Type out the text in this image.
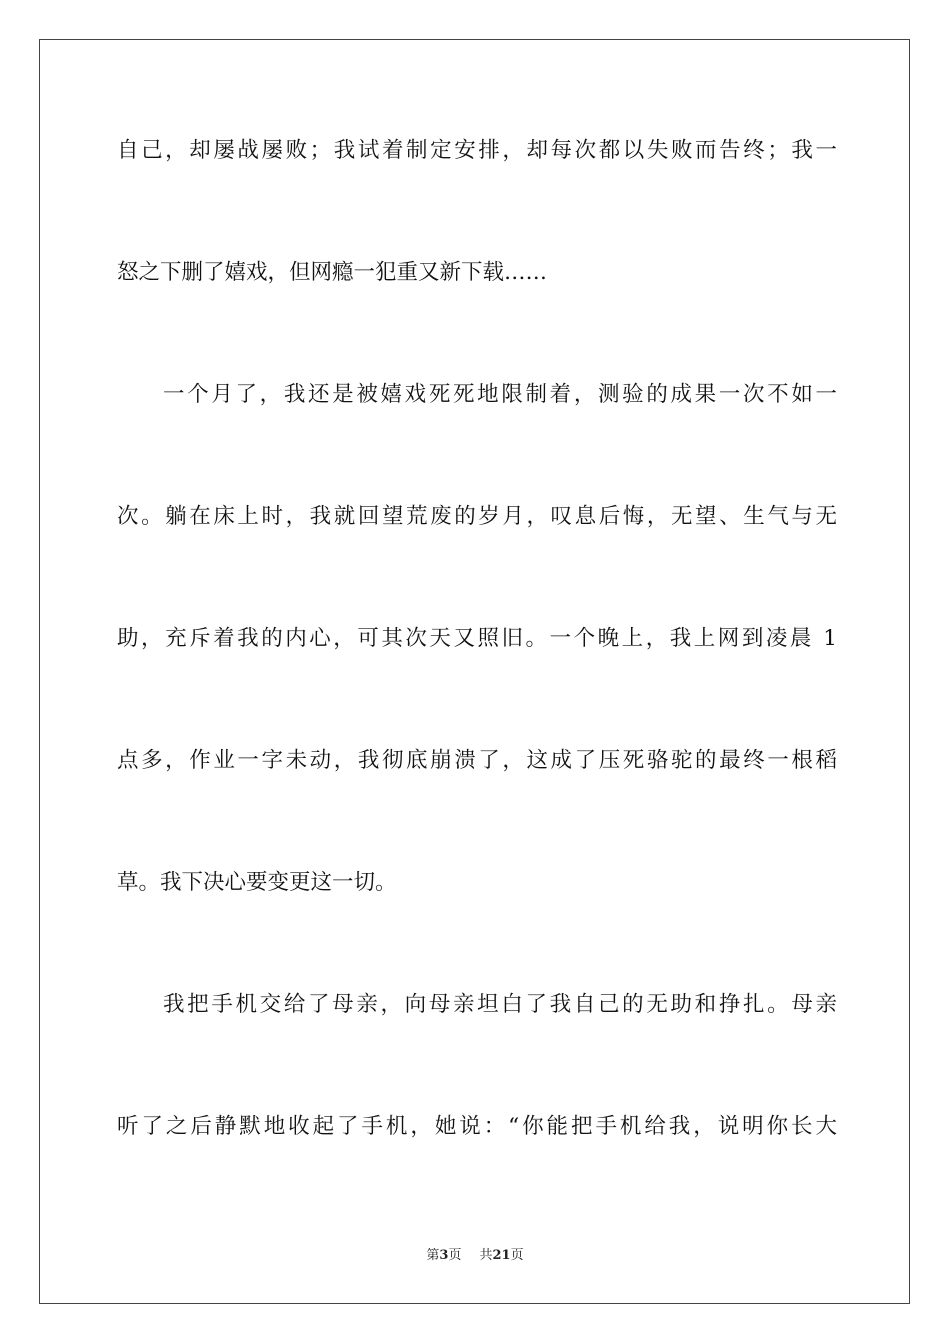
自己，却屡战屡败；我试着制定安排，却每次都以失败而告终；我一
怒之下删了嬉戏，但网瘾一犯重又新下载……
一个月了，我还是被嬉戏死死地限制着，测验的成果一次不如一
次。躺在床上时，我就回望荒废的岁月，叹息后悔，无望、生气与无
助，充斥着我的内心，可其次天又照旧。一个晚上，我上网到凌晨 1
点多，作业一字未动，我彻底崩溃了，这成了压死骆驼的最终一根稻
草。我下决心要变更这一切。
我把手机交给了母亲，向母亲坦白了我自己的无助和挣扎。母亲
听了之后静默地收起了手机，她说：“你能把手机给我，说明你长大
第3页 共21页
